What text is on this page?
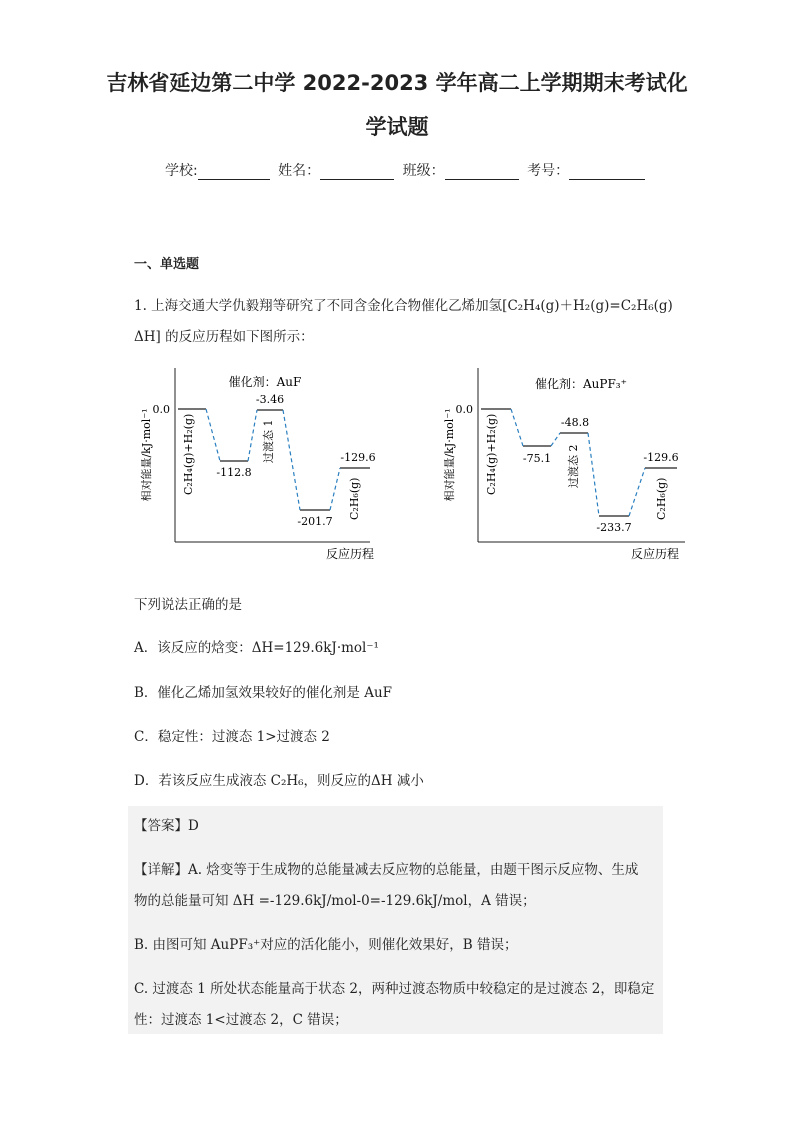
吉林省延边第二中学 2022-2023 学年高二上学期期末考试化
学试题
学校:	姓名：	班级：	考号：
一、单选题
1. 上海交通大学仇毅翔等研究了不同含金化合物催化乙烯加氢[C₂H₄(g)＋H₂(g)=C₂H₆(g)
ΔH] 的反应历程如下图所示：
相对能量/kJ·mol⁻¹
反应历程
催化剂：AuF
0.0
-112.8
-3.46
-201.7
-129.6
C₂H₄(g)+H₂(g)	过渡态 1
C₂H₆(g)	相对能量/kJ·mol⁻¹
反应历程
催化剂：AuPF₃⁺
0.0
-75.1
-48.8
-233.7
-129.6
C₂H₄(g)+H₂(g)	过渡态 2
C₂H₆(g)
下列说法正确的是
A．该反应的焓变：ΔH=129.6kJ·mol⁻¹
B．催化乙烯加氢效果较好的催化剂是 AuF
C．稳定性：过渡态 1>过渡态 2
D．若该反应生成液态 C₂H₆，则反应的ΔH 减小
【答案】D
【详解】A. 焓变等于生成物的总能量减去反应物的总能量，由题干图示反应物、生成
物的总能量可知 ΔH =-129.6kJ/mol-0=-129.6kJ/mol，A 错误；
B. 由图可知 AuPF₃⁺对应的活化能小，则催化效果好，B 错误；
C. 过渡态 1 所处状态能量高于状态 2，两种过渡态物质中较稳定的是过渡态 2，即稳定
性：过渡态 1<过渡态 2，C 错误；
